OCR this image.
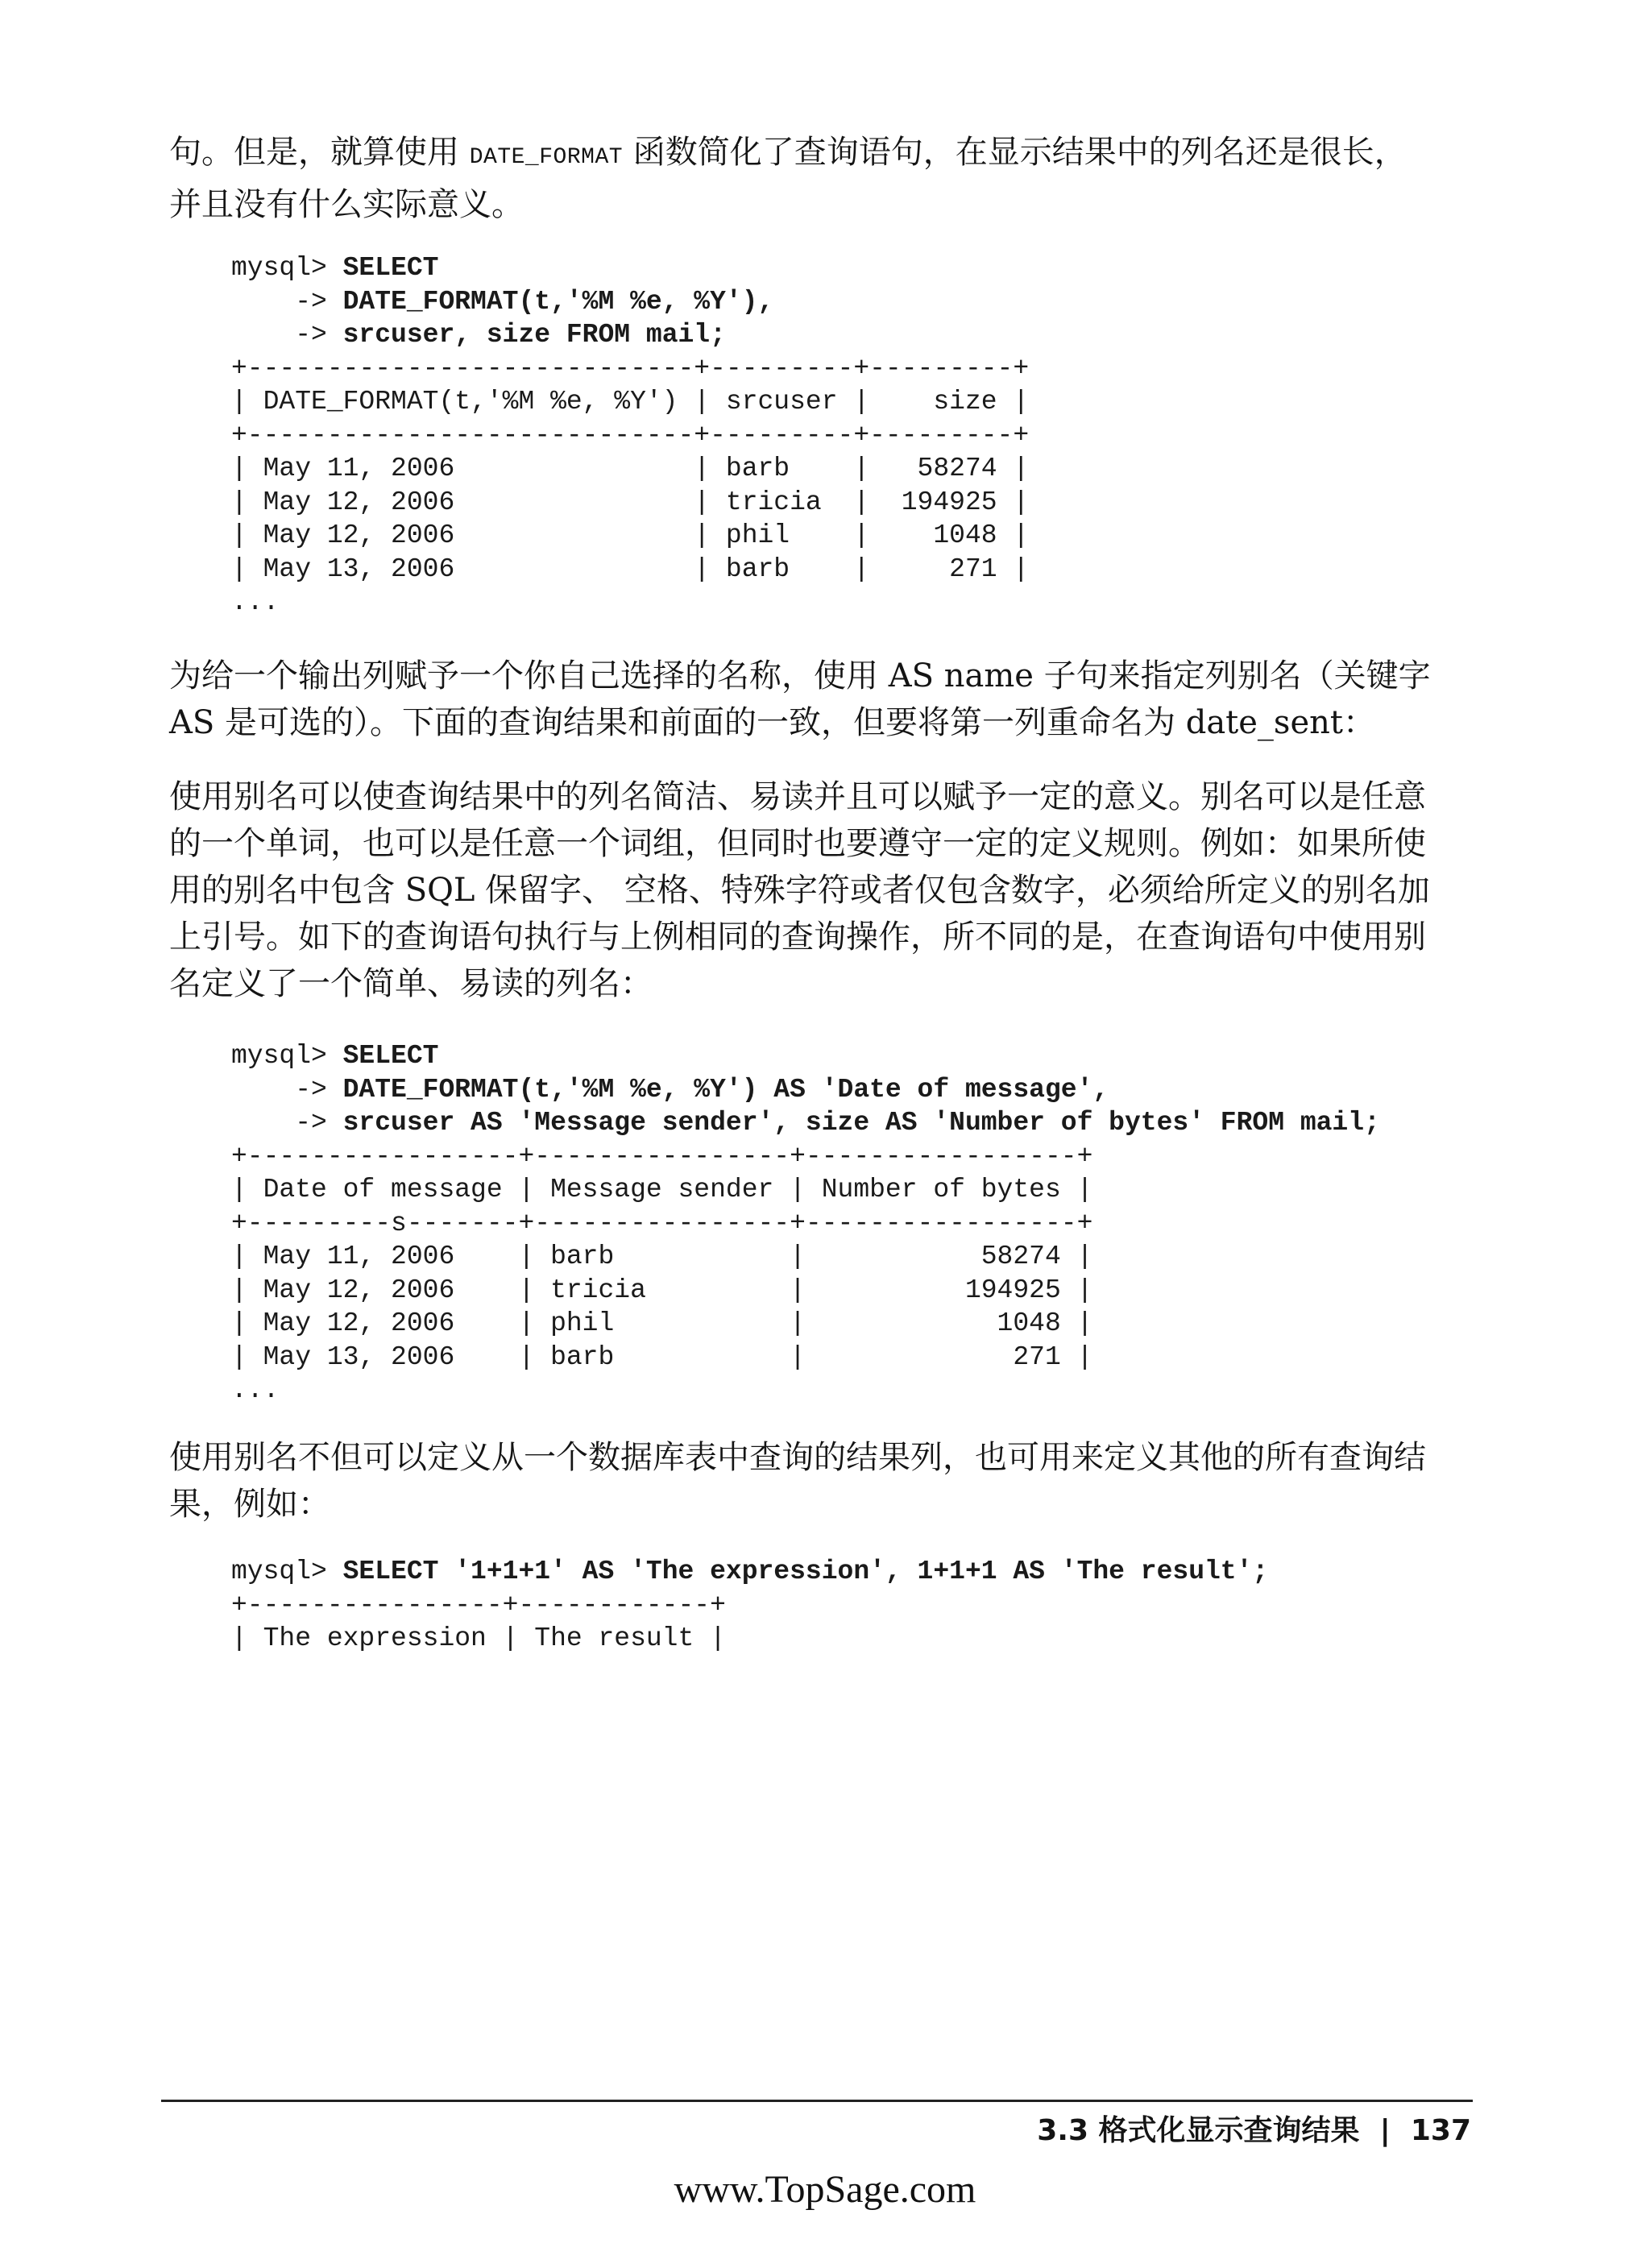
句。但是，就算使用 DATE_FORMAT 函数简化了查询语句，在显示结果中的列名还是很长，
并且没有什么实际意义。

mysql> SELECT
-> DATE_FORMAT(t,'%M %e, %Y'),
-> srcuser, size FROM mail;
+----------------------------+---------+---------+
| DATE_FORMAT(t,'%M %e, %Y') | srcuser |    size |
+----------------------------+---------+---------+
| May 11, 2006               | barb    |   58274 |
| May 12, 2006               | tricia  |  194925 |
| May 12, 2006               | phil    |    1048 |
| May 13, 2006               | barb    |     271 |
...

为给一个输出列赋予一个你自己选择的名称，使用 AS name 子句来指定列别名（关键字
AS 是可选的）。下面的查询结果和前面的一致，但要将第一列重命名为 date_sent：

使用别名可以使查询结果中的列名简洁、易读并且可以赋予一定的意义。别名可以是任意
的一个单词，也可以是任意一个词组，但同时也要遵守一定的定义规则。例如：如果所使
用的别名中包含 SQL 保留字、 空格、特殊字符或者仅包含数字，必须给所定义的别名加
上引号。如下的查询语句执行与上例相同的查询操作，所不同的是，在查询语句中使用别
名定义了一个简单、易读的列名：

mysql> SELECT
-> DATE_FORMAT(t,'%M %e, %Y') AS 'Date of message',
-> srcuser AS 'Message sender', size AS 'Number of bytes' FROM mail;
+-----------------+----------------+-----------------+
| Date of message | Message sender | Number of bytes |
+---------s-------+----------------+-----------------+
| May 11, 2006    | barb           |           58274 |
| May 12, 2006    | tricia         |          194925 |
| May 12, 2006    | phil           |            1048 |
| May 13, 2006    | barb           |             271 |
...

使用别名不但可以定义从一个数据库表中查询的结果列，也可用来定义其他的所有查询结
果，例如：

mysql> SELECT '1+1+1' AS 'The expression', 1+1+1 AS 'The result';
+----------------+------------+
| The expression | The result |
3.3 格式化显示查询结果 | 137
www.TopSage.com
